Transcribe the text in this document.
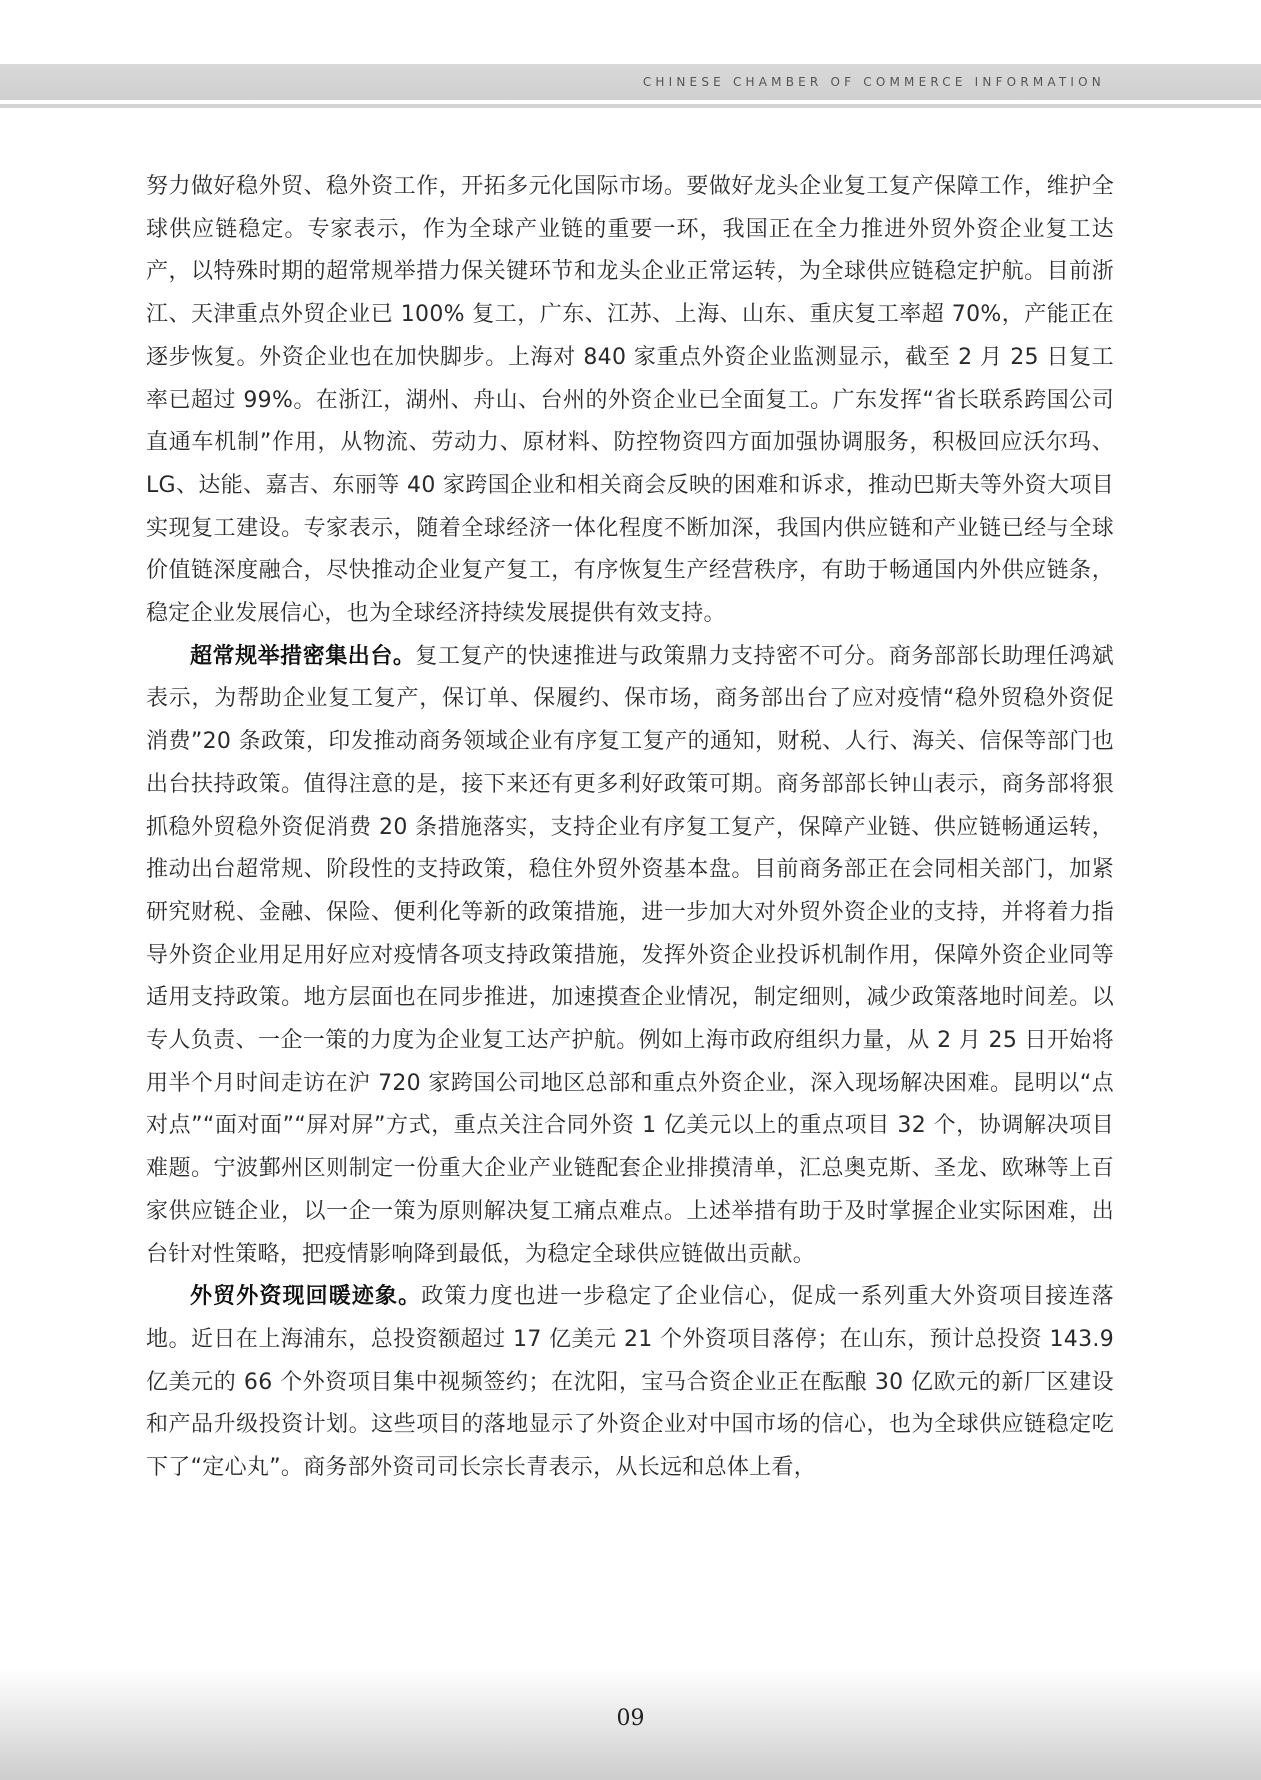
CHINESE CHAMBER OF COMMERCE INFORMATION

努力做好稳外贸、稳外资工作，开拓多元化国际市场。要做好龙头企业复工复产保障工作，维护全球供应链稳定。专家表示，作为全球产业链的重要一环，我国正在全力推进外贸外资企业复工达产，以特殊时期的超常规举措力保关键环节和龙头企业正常运转，为全球供应链稳定护航。目前浙江、天津重点外贸企业已 100% 复工，广东、江苏、上海、山东、重庆复工率超 70%，产能正在逐步恢复。外资企业也在加快脚步。上海对 840 家重点外资企业监测显示，截至 2 月 25 日复工率已超过 99%。在浙江，湖州、舟山、台州的外资企业已全面复工。广东发挥“省长联系跨国公司直通车机制”作用，从物流、劳动力、原材料、防控物资四方面加强协调服务，积极回应沃尔玛、LG、达能、嘉吉、东丽等 40 家跨国企业和相关商会反映的困难和诉求，推动巴斯夫等外资大项目实现复工建设。专家表示，随着全球经济一体化程度不断加深，我国内供应链和产业链已经与全球价值链深度融合，尽快推动企业复产复工，有序恢复生产经营秩序，有助于畅通国内外供应链条，稳定企业发展信心，也为全球经济持续发展提供有效支持。

超常规举措密集出台。复工复产的快速推进与政策鼎力支持密不可分。商务部部长助理任鸿斌表示，为帮助企业复工复产，保订单、保履约、保市场，商务部出台了应对疫情“稳外贸稳外资促消费”20 条政策，印发推动商务领域企业有序复工复产的通知，财税、人行、海关、信保等部门也出台扶持政策。值得注意的是，接下来还有更多利好政策可期。商务部部长钟山表示，商务部将狠抓稳外贸稳外资促消费 20 条措施落实，支持企业有序复工复产，保障产业链、供应链畅通运转，推动出台超常规、阶段性的支持政策，稳住外贸外资基本盘。目前商务部正在会同相关部门，加紧研究财税、金融、保险、便利化等新的政策措施，进一步加大对外贸外资企业的支持，并将着力指导外资企业用足用好应对疫情各项支持政策措施，发挥外资企业投诉机制作用，保障外资企业同等适用支持政策。地方层面也在同步推进，加速摸查企业情况，制定细则，减少政策落地时间差。以专人负责、一企一策的力度为企业复工达产护航。例如上海市政府组织力量，从 2 月 25 日开始将用半个月时间走访在沪 720 家跨国公司地区总部和重点外资企业，深入现场解决困难。昆明以“点对点”“面对面”“屏对屏”方式，重点关注合同外资 1 亿美元以上的重点项目 32 个，协调解决项目难题。宁波鄞州区则制定一份重大企业产业链配套企业排摸清单，汇总奥克斯、圣龙、欧琳等上百家供应链企业，以一企一策为原则解决复工痛点难点。上述举措有助于及时掌握企业实际困难，出台针对性策略，把疫情影响降到最低，为稳定全球供应链做出贡献。

外贸外资现回暖迹象。政策力度也进一步稳定了企业信心，促成一系列重大外资项目接连落地。近日在上海浦东，总投资额超过 17 亿美元 21 个外资项目落停；在山东，预计总投资 143.9 亿美元的 66 个外资项目集中视频签约；在沈阳，宝马合资企业正在酝酿 30 亿欧元的新厂区建设和产品升级投资计划。这些项目的落地显示了外资企业对中国市场的信心，也为全球供应链稳定吃下了“定心丸”。商务部外资司司长宗长青表示，从长远和总体上看，

09
